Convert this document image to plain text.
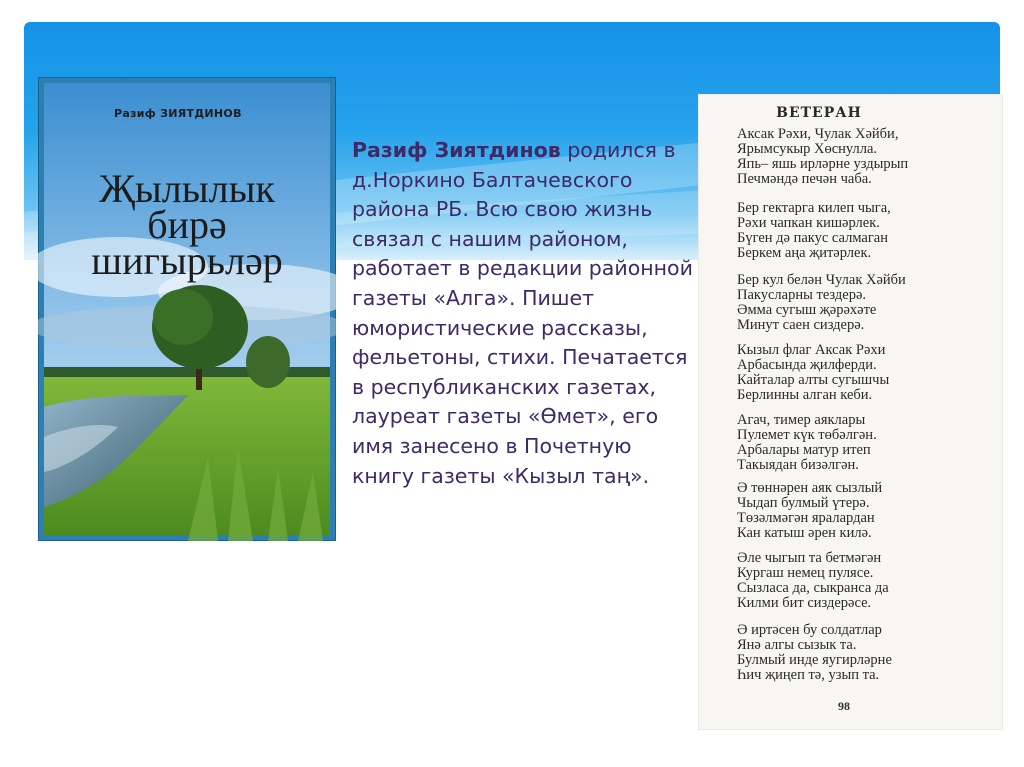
Разиф ЗИЯТДИНОВ
Җылылык
бирә
шигырьләр
Разиф Зиятдинов родился в д.Норкино Балтачевского района РБ. Всю свою жизнь связал с нашим районом, работает в редакции районной газеты «Алга». Пишет юмористические рассказы, фельетоны, стихи. Печатается в республиканских газетах, лауреат газеты «Өмет», его имя занесено в Почетную книгу газеты «Кызыл таң».
ВЕТЕРАН
Аксак Рәхи, Чулак Хәйби,
Ярымсукыр Хөснулла.
Япь– яшь ирләрне уздырып
Печмәндә печән чаба.
Бер гектарга килеп чыга,
Рәхи чапкан кишәрлек.
Бүген дә пакус салмаган
Беркем аңа җитәрлек.
Бер кул белән Чулак Хәйби
Пакусларны тездерә.
Әмма сугыш җәрәхәте
Минут саен сиздерә.
Кызыл флаг Аксак Рәхи
Арбасында җилферди.
Кайталар алты сугышчы
Берлинны алган кеби.
Агач, тимер аяклары
Пулемет күк төбәлгән.
Арбалары матур итеп
Такыядан бизәлгән.
Ә төннәрен аяк сызлый
Чыдап булмый үтерә.
Төзәлмәгән яралардан
Кан катыш әрен килә.
Әле чыгып та бетмәгән
Кургаш немец пулясе.
Сызласа да, сыкранса да
Килми бит сиздерәсе.
Ә иртәсен бу солдатлар
Янә алгы сызык та.
Булмый инде яугирләрне
Һич җиңеп тә, узып та.
98
